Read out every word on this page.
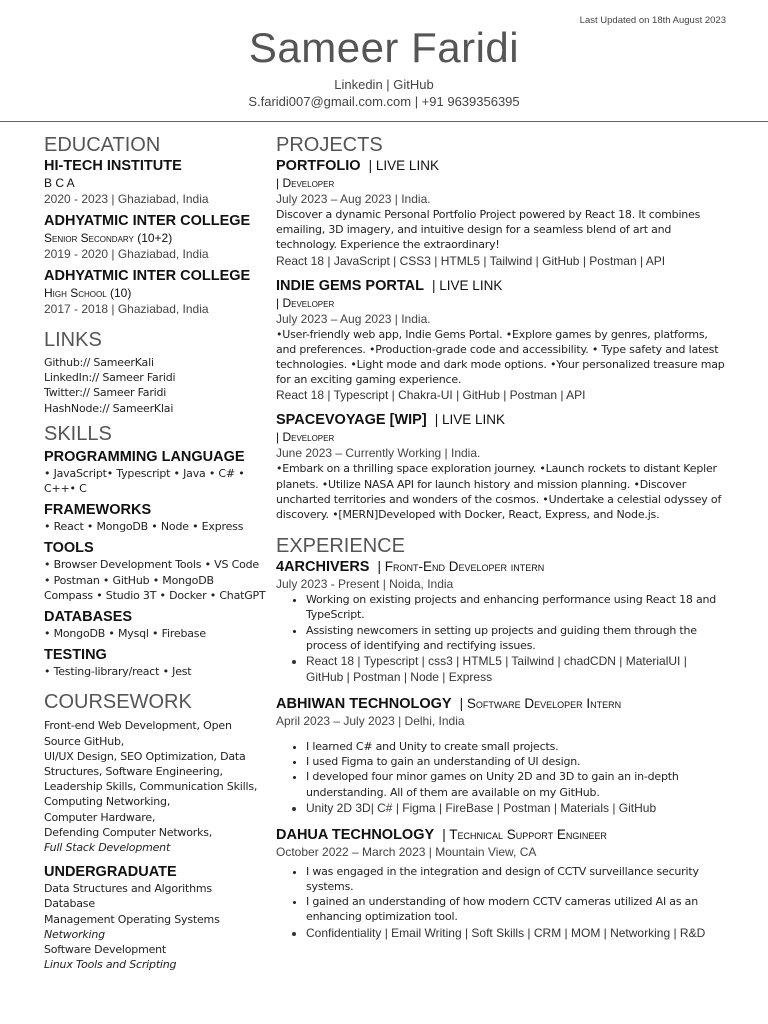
Last Updated on 18th August 2023
Sameer Faridi
Linkedin | GitHub
S.faridi007@gmail.com.com | +91 9639356395
EDUCATION
HI-TECH INSTITUTE
B C A
2020 - 2023 | Ghaziabad, India
ADHYATMIC INTER COLLEGE
Senior Secondary (10+2)
2019 - 2020 | Ghaziabad, India
ADHYATMIC INTER COLLEGE
High School (10)
2017 - 2018 | Ghaziabad, India
LINKS
Github:// SameerKali
LinkedIn:// Sameer Faridi
Twitter:// Sameer Faridi
HashNode:// SameerKlai
SKILLS
PROGRAMMING LANGUAGE
• JavaScript• Typescript • Java • C# • C++• C
FRAMEWORKS
• React • MongoDB • Node • Express
TOOLS
• Browser Development Tools • VS Code • Postman • GitHub • MongoDB Compass • Studio 3T • Docker • ChatGPT
DATABASES
• MongoDB • Mysql • Firebase
TESTING
• Testing-library/react • Jest
COURSEWORK
Front-end Web Development, Open Source GitHub,
UI/UX Design, SEO Optimization, Data Structures, Software Engineering,
Leadership Skills, Communication Skills,
Computing Networking,
Computer Hardware,
Defending Computer Networks,
Full Stack Development
UNDERGRADUATE
Data Structures and Algorithms Database
Management Operating Systems
Networking
Software Development
Linux Tools and Scripting
PROJECTS
PORTFOLIO | LIVE LINK
| Developer
July 2023 – Aug 2023 | India.
Discover a dynamic Personal Portfolio Project powered by React 18. It combines emailing, 3D imagery, and intuitive design for a seamless blend of art and technology. Experience the extraordinary!
React 18 | JavaScript | CSS3 | HTML5 | Tailwind | GitHub | Postman | API
INDIE GEMS PORTAL | LIVE LINK
| Developer
July 2023 – Aug 2023 | India.
•User-friendly web app, Indie Gems Portal. •Explore games by genres, platforms, and preferences. •Production-grade code and accessibility. • Type safety and latest technologies. •Light mode and dark mode options. •Your personalized treasure map for an exciting gaming experience.
React 18 | Typescript | Chakra-UI | GitHub | Postman | API
SPACEVOYAGE [WIP] | LIVE LINK
| Developer
June 2023 – Currently Working | India.
•Embark on a thrilling space exploration journey. •Launch rockets to distant Kepler planets. •Utilize NASA API for launch history and mission planning. •Discover uncharted territories and wonders of the cosmos. •Undertake a celestial odyssey of discovery. •[MERN]Developed with Docker, React, Express, and Node.js.
EXPERIENCE
4ARCHIVERS | Front-End Developer intern
July 2023 - Present | Noida, India
• Working on existing projects and enhancing performance using React 18 and TypeScript.
• Assisting newcomers in setting up projects and guiding them through the process of identifying and rectifying issues.
• React 18 | Typescript | css3 | HTML5 | Tailwind | chadCDN | MaterialUI | GitHub | Postman | Node | Express
ABHIWAN TECHNOLOGY | Software Developer Intern
April 2023 – July 2023 | Delhi, India
• I learned C# and Unity to create small projects.
• I used Figma to gain an understanding of UI design.
• I developed four minor games on Unity 2D and 3D to gain an in-depth understanding. All of them are available on my GitHub.
• Unity 2D 3D| C# | Figma | FireBase | Postman | Materials | GitHub
DAHUA TECHNOLOGY | Technical Support Engineer
October 2022 – March 2023 | Mountain View, CA
• I was engaged in the integration and design of CCTV surveillance security systems.
• I gained an understanding of how modern CCTV cameras utilized AI as an enhancing optimization tool.
• Confidentiality | Email Writing | Soft Skills | CRM | MOM | Networking | R&D
